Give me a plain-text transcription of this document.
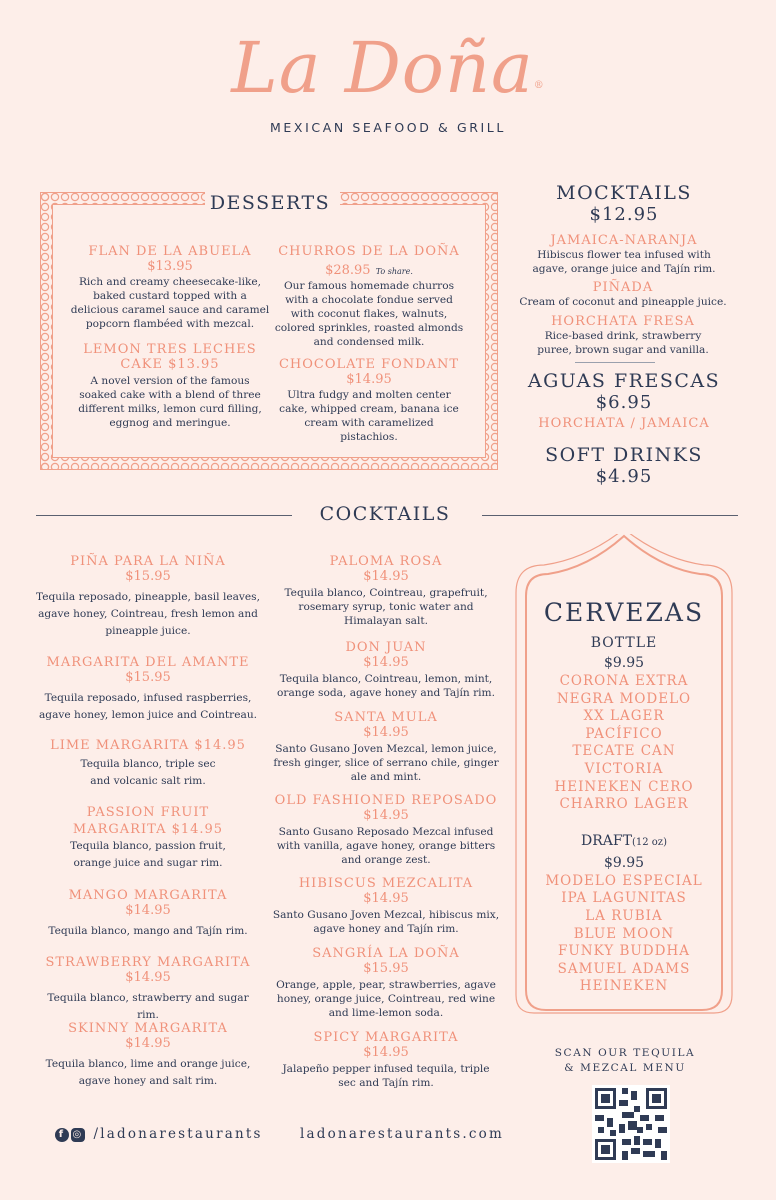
La Doña®
MEXICAN SEAFOOD & GRILL
DESSERTS
FLAN DE LA ABUELA
$13.95
Rich and creamy cheesecake-like, baked custard topped with a delicious caramel sauce and caramel popcorn flambéed with mezcal.
LEMON TRES LECHES CAKE $13.95
A novel version of the famous soaked cake with a blend of three different milks, lemon curd filling, eggnog and meringue.
CHURROS DE LA DOÑA
$28.95 To share.
Our famous homemade churros with a chocolate fondue served with coconut flakes, walnuts, colored sprinkles, roasted almonds and condensed milk.
CHOCOLATE FONDANT
$14.95
Ultra fudgy and molten center cake, whipped cream, banana ice cream with caramelized pistachios.
MOCKTAILS
$12.95
JAMAICA-NARANJA
Hibiscus flower tea infused with agave, orange juice and Tajín rim.
PIÑADA
Cream of coconut and pineapple juice.
HORCHATA FRESA
Rice-based drink, strawberry puree, brown sugar and vanilla.
AGUAS FRESCAS
$6.95
HORCHATA / JAMAICA
SOFT DRINKS
$4.95
COCKTAILS
PIÑA PARA LA NIÑA
$15.95
Tequila reposado, pineapple, basil leaves, agave honey, Cointreau, fresh lemon and pineapple juice.
MARGARITA DEL AMANTE
$15.95
Tequila reposado, infused raspberries, agave honey, lemon juice and Cointreau.
LIME MARGARITA $14.95
Tequila blanco, triple sec and volcanic salt rim.
PASSION FRUIT MARGARITA $14.95
Tequila blanco, passion fruit, orange juice and sugar rim.
MANGO MARGARITA
$14.95
Tequila blanco, mango and Tajín rim.
STRAWBERRY MARGARITA
$14.95
Tequila blanco, strawberry and sugar rim.
SKINNY MARGARITA
$14.95
Tequila blanco, lime and orange juice, agave honey and salt rim.
PALOMA ROSA
$14.95
Tequila blanco, Cointreau, grapefruit, rosemary syrup, tonic water and Himalayan salt.
DON JUAN
$14.95
Tequila blanco, Cointreau, lemon, mint, orange soda, agave honey and Tajín rim.
SANTA MULA
$14.95
Santo Gusano Joven Mezcal, lemon juice, fresh ginger, slice of serrano chile, ginger ale and mint.
OLD FASHIONED REPOSADO
$14.95
Santo Gusano Reposado Mezcal infused with vanilla, agave honey, orange bitters and orange zest.
HIBISCUS MEZCALITA
$14.95
Santo Gusano Joven Mezcal, hibiscus mix, agave honey and Tajín rim.
SANGRÍA LA DOÑA
$15.95
Orange, apple, pear, strawberries, agave honey, orange juice, Cointreau, red wine and lime-lemon soda.
SPICY MARGARITA
$14.95
Jalapeño pepper infused tequila, triple sec and Tajín rim.
CERVEZAS
BOTTLE
$9.95
CORONA EXTRA
NEGRA MODELO
XX LAGER
PACÍFICO
TECATE CAN
VICTORIA
HEINEKEN CERO
CHARRO LAGER
DRAFT(12 oz)
$9.95
MODELO ESPECIAL
IPA LAGUNITAS
LA RUBIA
BLUE MOON
FUNKY BUDDHA
SAMUEL ADAMS
HEINEKEN
SCAN OUR TEQUILA
& MEZCAL MENU
f ◎ /ladonarestaurants	ladonarestaurants.com
